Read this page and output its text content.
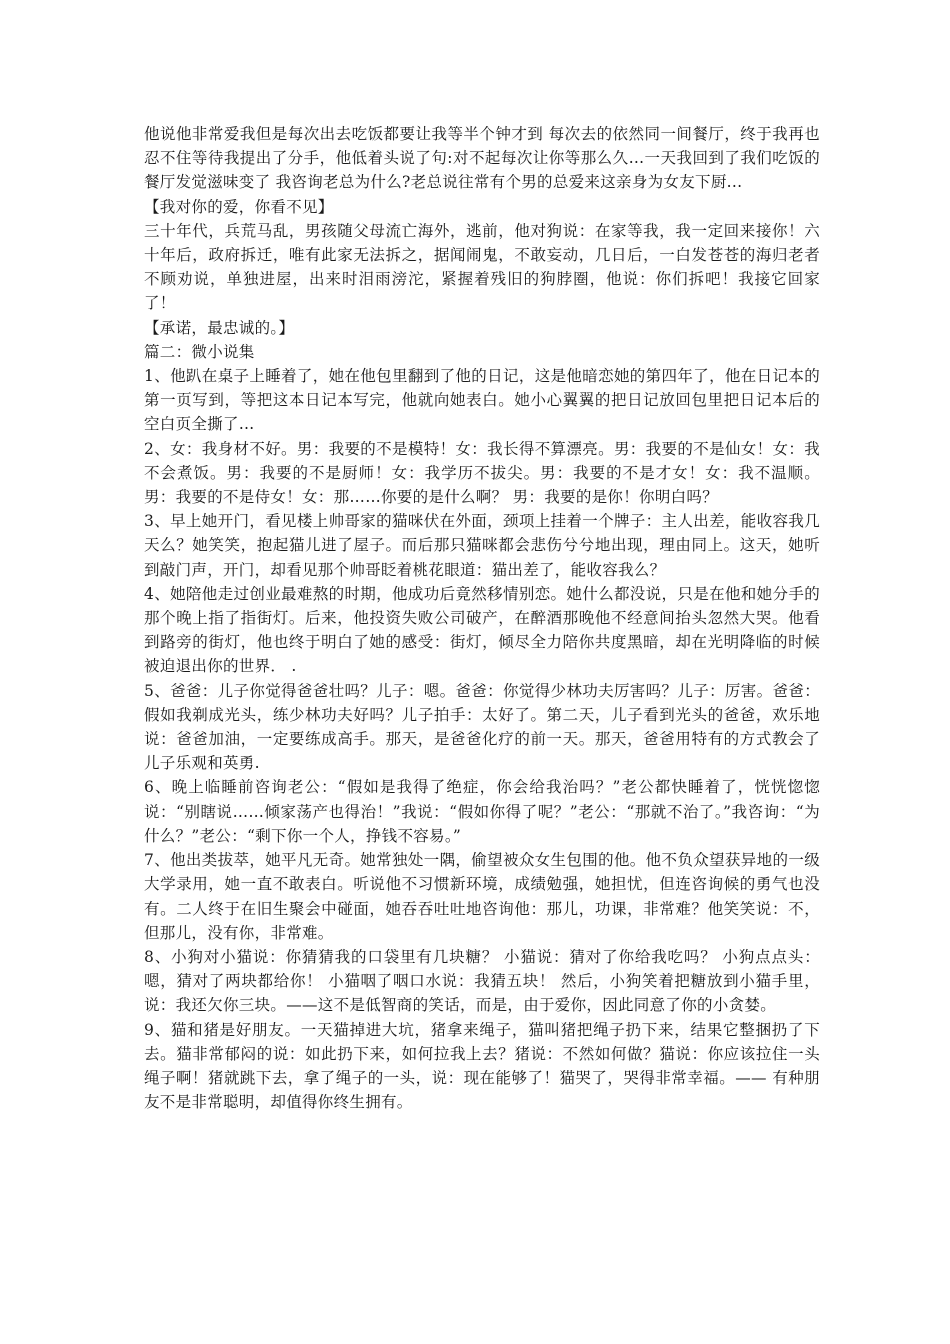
他说他非常爱我但是每次出去吃饭都要让我等半个钟才到 每次去的依然同一间餐厅，终于我再也忍不住等待我提出了分手，他低着头说了句:对不起每次让你等那么久…一天我回到了我们吃饭的餐厅发觉滋味变了 我咨询老总为什么?老总说往常有个男的总爱来这亲身为女友下厨...

【我对你的爱，你看不见】

三十年代，兵荒马乱，男孩随父母流亡海外，逃前，他对狗说：在家等我，我一定回来接你！六十年后，政府拆迁，唯有此家无法拆之，据闻闹鬼，不敢妄动，几日后，一白发苍苍的海归老者不顾劝说，单独进屋，出来时泪雨滂沱，紧握着残旧的狗脖圈，他说：你们拆吧！我接它回家了！

【承诺，最忠诚的。】

篇二：微小说集

1、他趴在桌子上睡着了，她在他包里翻到了他的日记，这是他暗恋她的第四年了，他在日记本的第一页写到，等把这本日记本写完，他就向她表白。她小心翼翼的把日记放回包里把日记本后的空白页全撕了…

2、女：我身材不好。男：我要的不是模特！女：我长得不算漂亮。男：我要的不是仙女！女：我不会煮饭。男：我要的不是厨师！女：我学历不拔尖。男：我要的不是才女！女：我不温顺。男：我要的不是侍女！女：那……你要的是什么啊？ 男：我要的是你！你明白吗？

3、早上她开门，看见楼上帅哥家的猫咪伏在外面，颈项上挂着一个牌子：主人出差，能收容我几天么？她笑笑，抱起猫儿进了屋子。而后那只猫咪都会悲伤兮兮地出现，理由同上。这天，她听到敲门声，开门，却看见那个帅哥眨着桃花眼道：猫出差了，能收容我么？

4、她陪他走过创业最难熬的时期，他成功后竟然移情别恋。她什么都没说，只是在他和她分手的那个晚上指了指街灯。后来，他投资失败公司破产，在醉酒那晚他不经意间抬头忽然大哭。他看到路旁的街灯，他也终于明白了她的感受：街灯，倾尽全力陪你共度黑暗，却在光明降临的时候被迫退出你的世界． .

5、爸爸：儿子你觉得爸爸壮吗？儿子：嗯。爸爸：你觉得少林功夫厉害吗？儿子：厉害。爸爸：假如我剃成光头，练少林功夫好吗？儿子拍手：太好了。第二天，儿子看到光头的爸爸，欢乐地说：爸爸加油，一定要练成高手。那天，是爸爸化疗的前一天。那天，爸爸用特有的方式教会了儿子乐观和英勇.

6、晚上临睡前咨询老公：“假如是我得了绝症，你会给我治吗？”老公都快睡着了，恍恍惚惚说：“别瞎说……倾家荡产也得治！”我说：“假如你得了呢？”老公：“那就不治了。”我咨询：“为什么？”老公：“剩下你一个人，挣钱不容易。”

7、他出类拔萃，她平凡无奇。她常独处一隅，偷望被众女生包围的他。他不负众望获异地的一级大学录用，她一直不敢表白。听说他不习惯新环境，成绩勉强，她担忧，但连咨询候的勇气也没有。二人终于在旧生聚会中碰面，她吞吞吐吐地咨询他：那儿，功课，非常难？他笑笑说：不，但那儿，没有你，非常难。

8、小狗对小猫说：你猜猜我的口袋里有几块糖？ 小猫说：猜对了你给我吃吗？ 小狗点点头：嗯，猜对了两块都给你！ 小猫咽了咽口水说：我猜五块！ 然后，小狗笑着把糖放到小猫手里，说：我还欠你三块。——这不是低智商的笑话，而是，由于爱你，因此同意了你的小贪婪。

9、猫和猪是好朋友。一天猫掉进大坑，猪拿来绳子，猫叫猪把绳子扔下来，结果它整捆扔了下去。猫非常郁闷的说：如此扔下来，如何拉我上去？猪说：不然如何做？猫说：你应该拉住一头绳子啊！猪就跳下去，拿了绳子的一头，说：现在能够了！猫哭了，哭得非常幸福。—— 有种朋友不是非常聪明，却值得你终生拥有。
